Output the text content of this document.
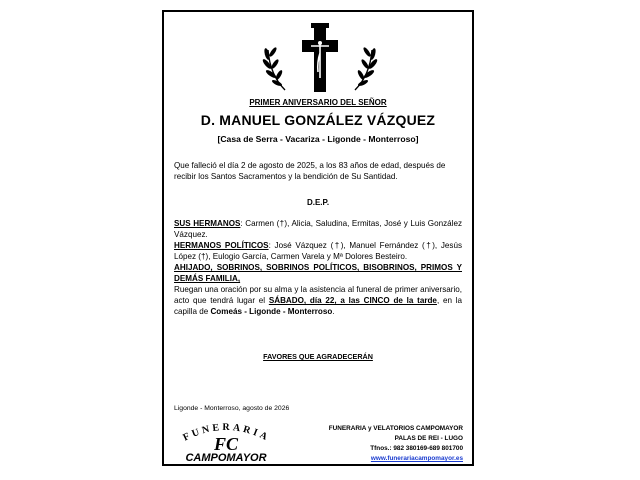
PRIMER ANIVERSARIO DEL SEÑOR
D. MANUEL GONZÁLEZ VÁZQUEZ
[Casa de Serra - Vacariza - Ligonde - Monterroso]
Que falleció el día 2 de agosto de 2025, a los 83 años de edad, después de recibir los Santos Sacramentos y la bendición de Su Santidad.
D.E.P.

SUS HERMANOS: Carmen (†), Alicia, Saludina, Ermitas, José y Luis González Vázquez.

HERMANOS POLÍTICOS: José Vázquez (†), Manuel Fernández (†), Jesús López (†), Eulogio García, Carmen Varela y Mª Dolores Besteiro.

AHIJADO, SOBRINOS, SOBRINOS POLÍTICOS, BISOBRINOS, PRIMOS Y DEMÁS FAMILIA,

Ruegan una oración por su alma y la asistencia al funeral de primer aniversario, acto que tendrá lugar el SÁBADO, día 22, a las CINCO de la tarde, en la capilla de Comeás - Ligonde - Monterroso.

FAVORES QUE AGRADECERÁN
Ligonde - Monterroso, agosto de 2026
FUNERARIA
FC
CAMPOMAYOR
FUNERARIA y VELATORIOS CAMPOMAYOR
PALAS DE REI - LUGO
Tfnos.: 982 380169-689 801700
www.funerariacampomayor.es
